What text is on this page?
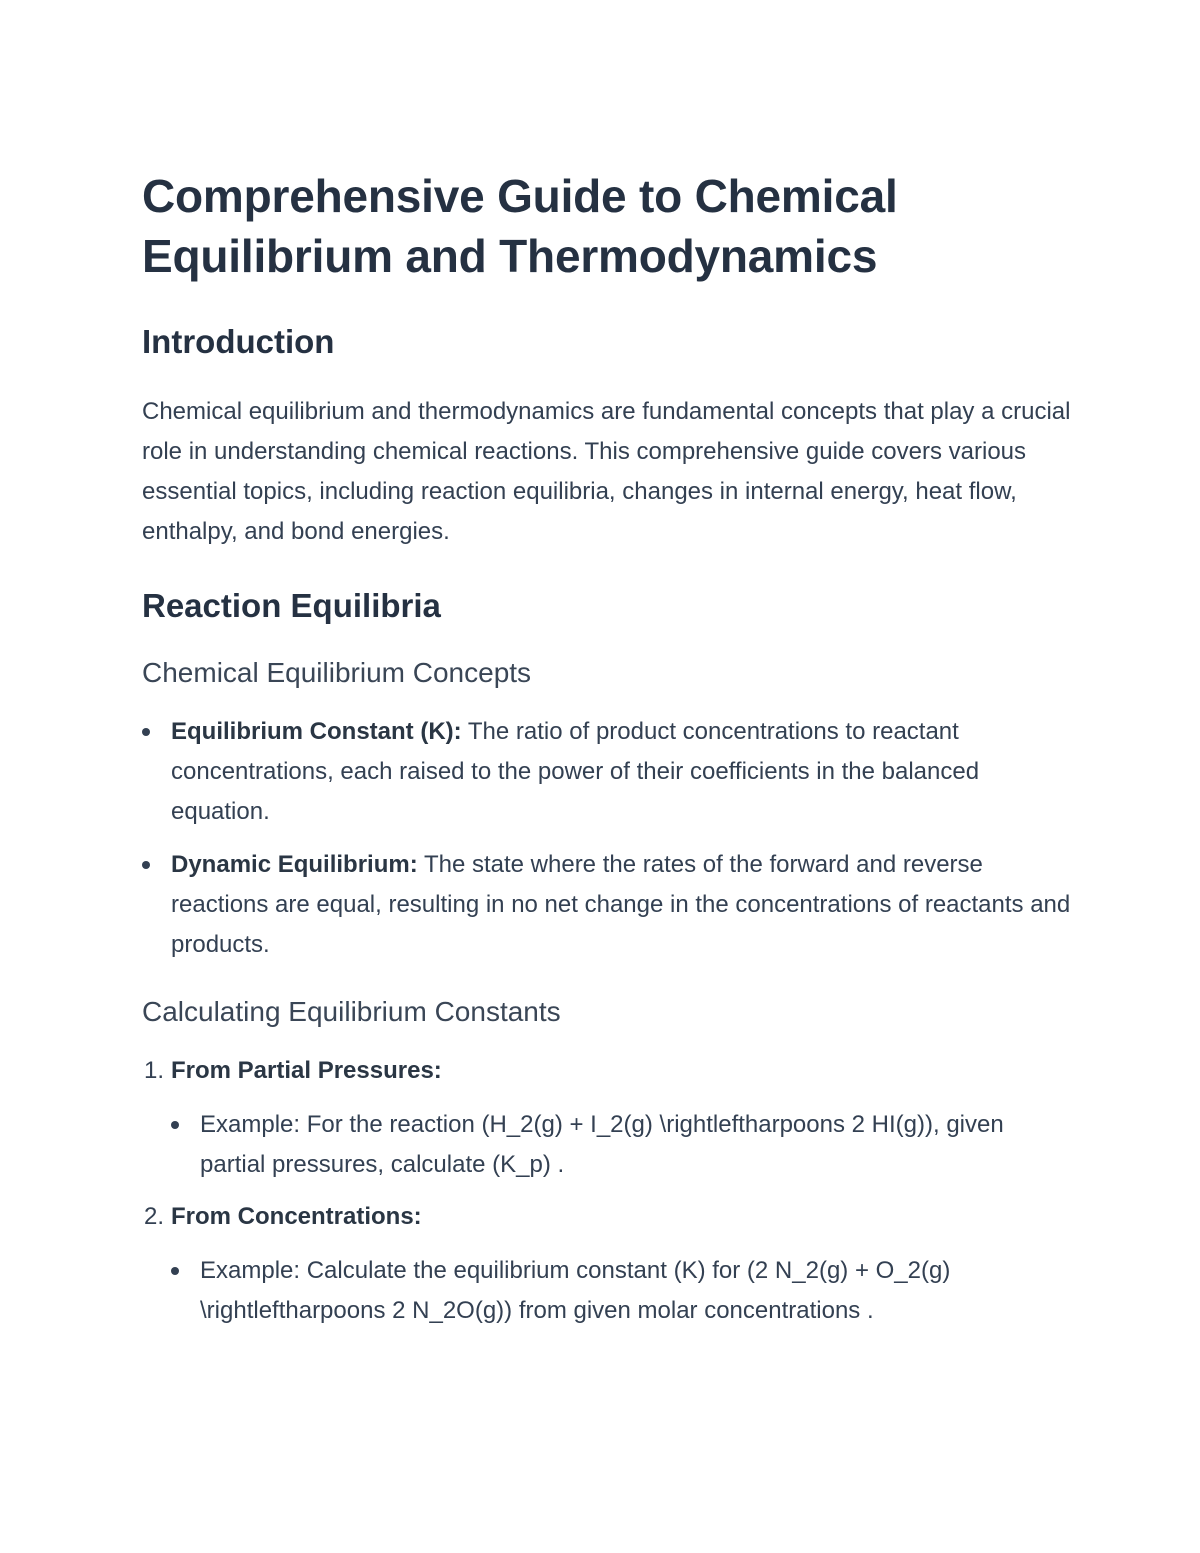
Comprehensive Guide to Chemical Equilibrium and Thermodynamics
Introduction

Chemical equilibrium and thermodynamics are fundamental concepts that play a crucial role in understanding chemical reactions. This comprehensive guide covers various essential topics, including reaction equilibria, changes in internal energy, heat flow, enthalpy, and bond energies.

Reaction Equilibria
Chemical Equilibrium Concepts
Equilibrium Constant (K): The ratio of product concentrations to reactant concentrations, each raised to the power of their coefficients in the balanced equation.
Dynamic Equilibrium: The state where the rates of the forward and reverse reactions are equal, resulting in no net change in the concentrations of reactants and products.
Calculating Equilibrium Constants
1. From Partial Pressures:
Example: For the reaction (H_2(g) + I_2(g) \rightleftharpoons 2 HI(g)), given partial pressures, calculate (K_p) .
2. From Concentrations:
Example: Calculate the equilibrium constant (K) for (2 N_2(g) + O_2(g) \rightleftharpoons 2 N_2O(g)) from given molar concentrations .
